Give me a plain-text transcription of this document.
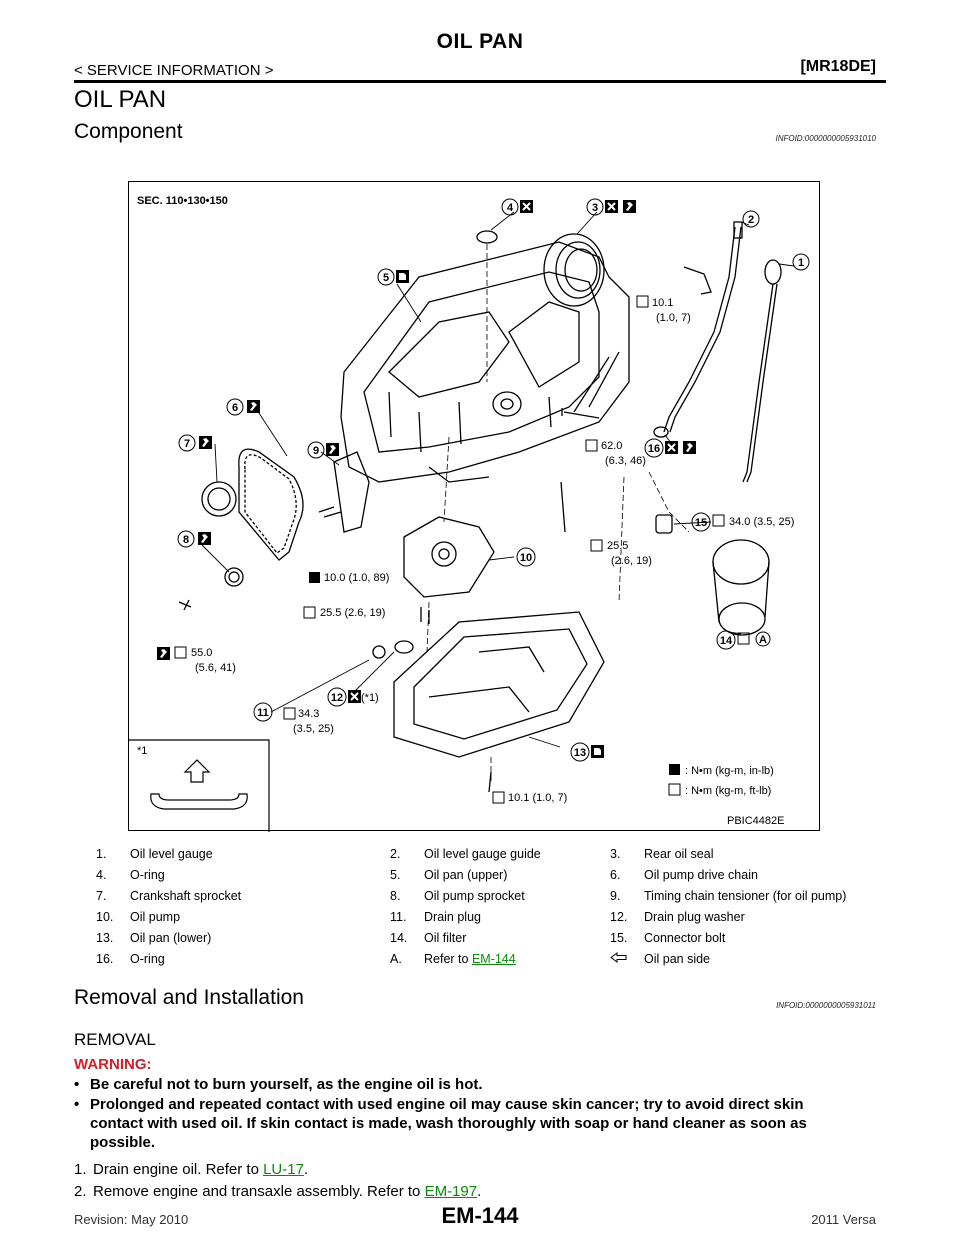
OIL PAN
< SERVICE INFORMATION >	[MR18DE]
OIL PAN
Component	INFOID:0000000005931010
SEC. 110•130•150
1
2
3
4
5
6
7
8
9
10
11
12
13
14
15
16
A
10.1
(1.0, 7)
62.0
(6.3, 46)
34.0 (3.5, 25)
25.5
(2.6, 19)
10.0 (1.0, 89)
25.5 (2.6, 19)
55.0
(5.6, 41)
34.3
(3.5, 25)
(*1)
10.1 (1.0, 7)
*1
: N•m (kg-m, in-lb)
: N•m (kg-m, ft-lb)
PBIC4482E
1. Oil level gauge	2. Oil level gauge guide	3. Rear oil seal
4. O-ring	5. Oil pan (upper)	6. Oil pump drive chain
7. Crankshaft sprocket	8. Oil pump sprocket	9. Timing chain tensioner (for oil pump)
10. Oil pump	11. Drain plug	12. Drain plug washer
13. Oil pan (lower)	14. Oil filter	15. Connector bolt
16. O-ring	A. Refer to EM-144	Oil pan side
Removal and Installation	INFOID:0000000005931011
REMOVAL
WARNING:
• Be careful not to burn yourself, as the engine oil is hot.
• Prolonged and repeated contact with used engine oil may cause skin cancer; try to avoid direct skin
contact with used oil. If skin contact is made, wash thoroughly with soap or hand cleaner as soon as
possible.
1. Drain engine oil. Refer to LU-17.
2. Remove engine and transaxle assembly. Refer to EM-197.
Revision: May 2010	EM-144	2011 Versa
